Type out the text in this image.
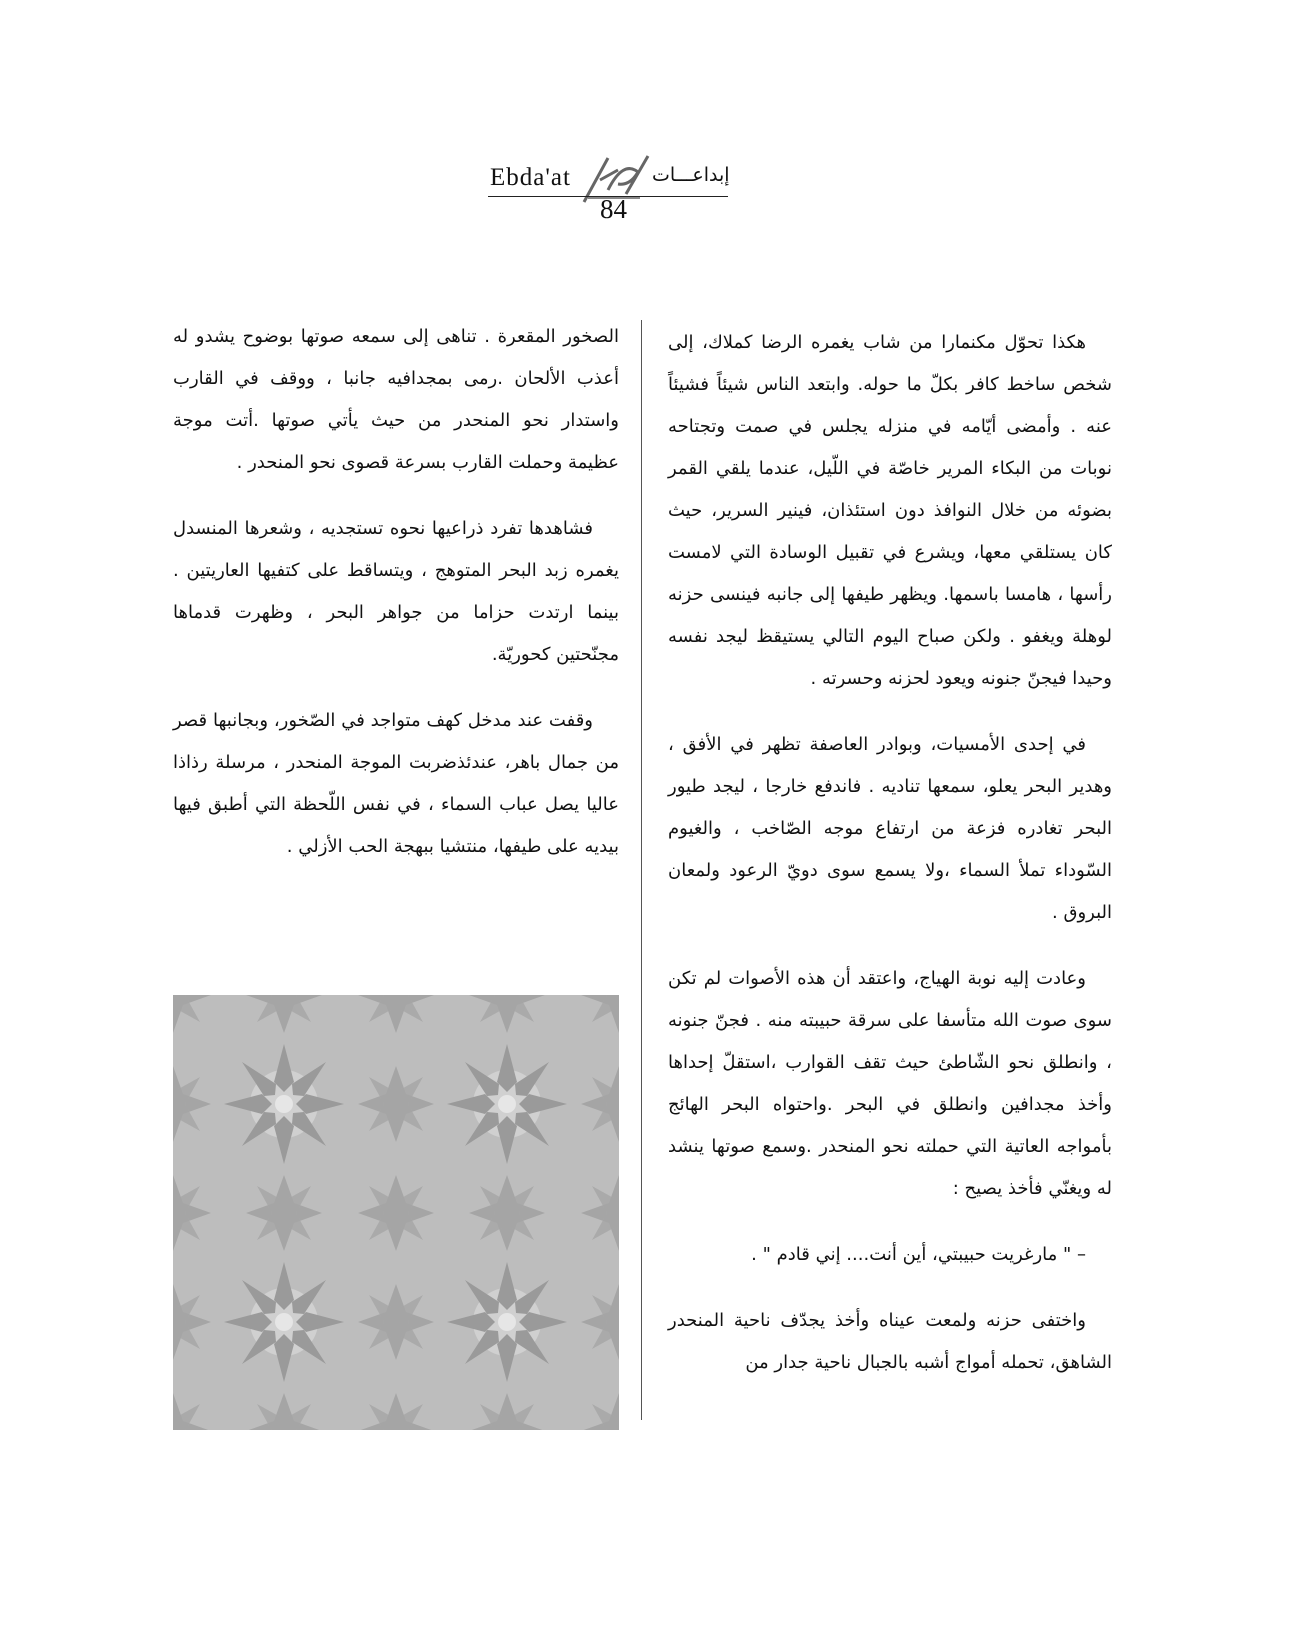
Ebda'at	إبداعـــات
84

هكذا تحوّل مكنمارا من شاب يغمره الرضا كملاك، إلى شخص ساخط كافر بكلّ ما حوله. وابتعد الناس شيئاً فشيئاً عنه . وأمضى أيّامه في منزله يجلس في صمت وتجتاحه نوبات من البكاء المرير خاصّة في اللّيل، عندما يلقي القمر بضوئه من خلال النوافذ دون استئذان، فينير السرير، حيث كان يستلقي معها، ويشرع في تقبيل الوسادة التي لامست رأسها ، هامسا باسمها. ويظهر طيفها إلى جانبه فينسى حزنه لوهلة ويغفو . ولكن صباح اليوم التالي يستيقظ ليجد نفسه وحيدا فيجنّ جنونه ويعود لحزنه وحسرته .

في إحدى الأمسيات، وبوادر العاصفة تظهر في الأفق ، وهدير البحر يعلو، سمعها تناديه . فاندفع خارجا ، ليجد طيور البحر تغادره فزعة من ارتفاع موجه الصّاخب ، والغيوم السّوداء تملأ السماء ،ولا يسمع سوى دويّ الرعود ولمعان البروق .

وعادت إليه نوبة الهياج، واعتقد أن هذه الأصوات لم تكن سوى صوت الله متأسفا على سرقة حبيبته منه . فجنّ جنونه ، وانطلق نحو الشّاطئ حيث تقف القوارب ،استقلّ إحداها وأخذ مجدافين وانطلق في البحر .واحتواه البحر الهائج بأمواجه العاتية التي حملته نحو المنحدر .وسمع صوتها ينشد له ويغنّي فأخذ يصيح :

– " مارغريت حبيبتي، أين أنت.... إني قادم " .

واختفى حزنه ولمعت عيناه وأخذ يجدّف ناحية المنحدر الشاهق، تحمله أمواج أشبه بالجبال ناحية جدار من

الصخور المقعرة . تناهى إلى سمعه صوتها بوضوح يشدو له أعذب الألحان .رمى بمجدافيه جانبا ، ووقف في القارب واستدار نحو المنحدر من حيث يأتي صوتها .أتت موجة عظيمة وحملت القارب بسرعة قصوى نحو المنحدر .

فشاهدها تفرد ذراعيها نحوه تستجديه ، وشعرها المنسدل يغمره زبد البحر المتوهج ، ويتساقط على كتفيها العاريتين . بينما ارتدت حزاما من جواهر البحر ، وظهرت قدماها مجنّحتين كحوريّة.

وقفت عند مدخل كهف متواجد في الصّخور، وبجانبها قصر من جمال باهر، عندئذضربت الموجة المنحدر ، مرسلة رذاذا عاليا يصل عباب السماء ، في نفس اللّحظة التي أطبق فيها بيديه على طيفها، منتشيا ببهجة الحب الأزلي .
